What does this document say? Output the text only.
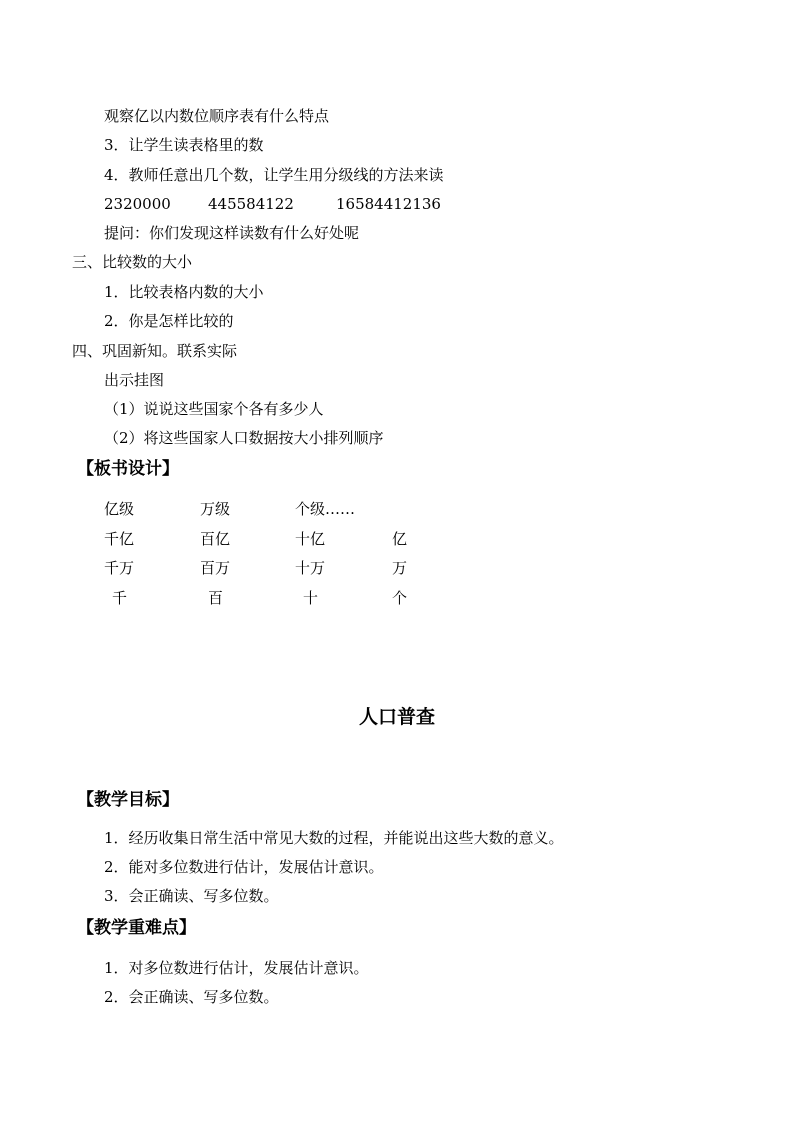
观察亿以内数位顺序表有什么特点
3．让学生读表格里的数
4．教师任意出几个数，让学生用分级线的方法来读
2320000 445584122	16584412136
提问：你们发现这样读数有什么好处呢
三、比较数的大小
1．比较表格内数的大小
2．你是怎样比较的
四、巩固新知。联系实际
出示挂图
（1）说说这些国家个各有多少人
（2）将这些国家人口数据按大小排列顺序
【板书设计】
亿级	万级	个级……
千亿	百亿	十亿	亿
千万	百万	十万	万
千	百	十	个
人口普查
【教学目标】
1．经历收集日常生活中常见大数的过程，并能说出这些大数的意义。
2．能对多位数进行估计，发展估计意识。
3．会正确读、写多位数。
【教学重难点】
1．对多位数进行估计，发展估计意识。
2．会正确读、写多位数。
